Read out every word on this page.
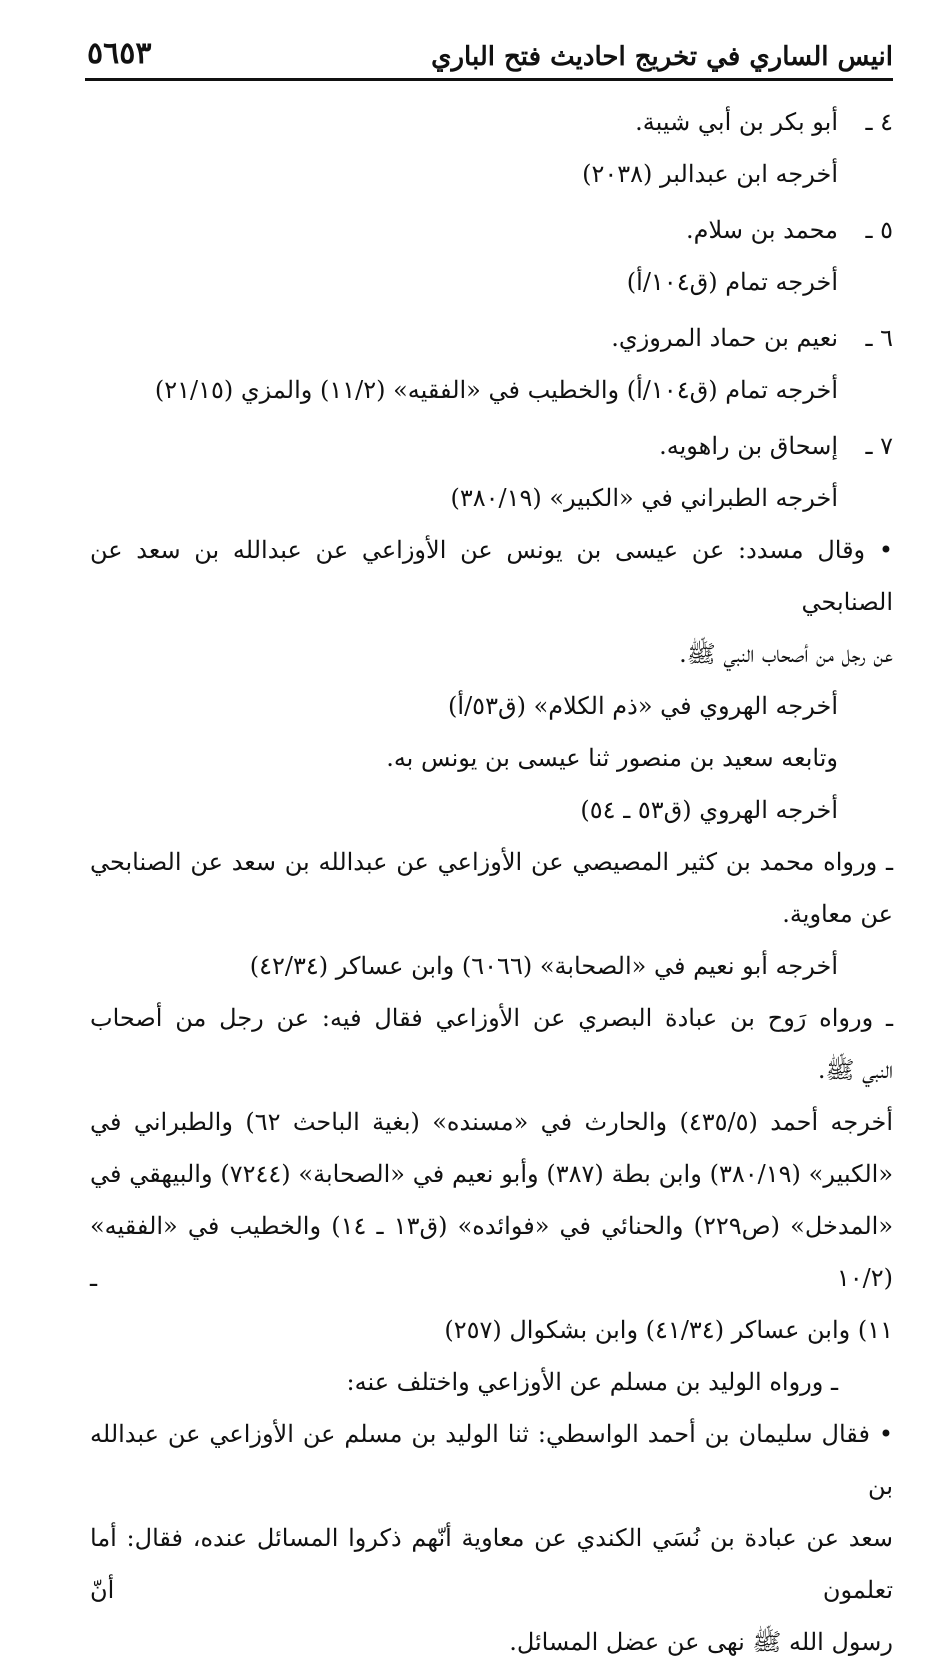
انيس الساري في تخريج احاديث فتح الباري
٥٦٥٣
٤ ـ
أبو بكر بن أبي شيبة.
أخرجه ابن عبدالبر (٢٠٣٨)
٥ ـ
محمد بن سلام.
أخرجه تمام (ق١٠٤/أ)
٦ ـ
نعيم بن حماد المروزي.
أخرجه تمام (ق١٠٤/أ) والخطيب في «الفقيه» (١١/٢) والمزي (٢١/١٥)
٧ ـ
إسحاق بن راهويه.
أخرجه الطبراني في «الكبير» (٣٨٠/١٩)
• وقال مسدد: عن عيسى بن يونس عن الأوزاعي عن عبدالله بن سعد عن الصنابحي
عن رجل من أصحاب النبي ﷺ.
أخرجه الهروي في «ذم الكلام» (ق٥٣/أ)
وتابعه سعيد بن منصور ثنا عيسى بن يونس به.
أخرجه الهروي (ق٥٣ ـ ٥٤)
ـ ورواه محمد بن كثير المصيصي عن الأوزاعي عن عبدالله بن سعد عن الصنابحي
عن معاوية.
أخرجه أبو نعيم في «الصحابة» (٦٠٦٦) وابن عساكر (٤٢/٣٤)
ـ ورواه رَوح بن عبادة البصري عن الأوزاعي فقال فيه: عن رجل من أصحاب
النبي ﷺ.
أخرجه أحمد (٤٣٥/٥) والحارث في «مسنده» (بغية الباحث ٦٢) والطبراني في
«الكبير» (٣٨٠/١٩) وابن بطة (٣٨٧) وأبو نعيم في «الصحابة» (٧٢٤٤) والبيهقي في
«المدخل» (ص٢٢٩) والحنائي في «فوائده» (ق١٣ ـ ١٤) والخطيب في «الفقيه» (١٠/٢ ـ
١١) وابن عساكر (٤١/٣٤) وابن بشكوال (٢٥٧)
ـ ورواه الوليد بن مسلم عن الأوزاعي واختلف عنه:
• فقال سليمان بن أحمد الواسطي: ثنا الوليد بن مسلم عن الأوزاعي عن عبدالله بن
سعد عن عبادة بن نُسَي الكندي عن معاوية أنّهم ذكروا المسائل عنده، فقال: أما تعلمون أنّ
رسول الله ﷺ نهى عن عضل المسائل.
